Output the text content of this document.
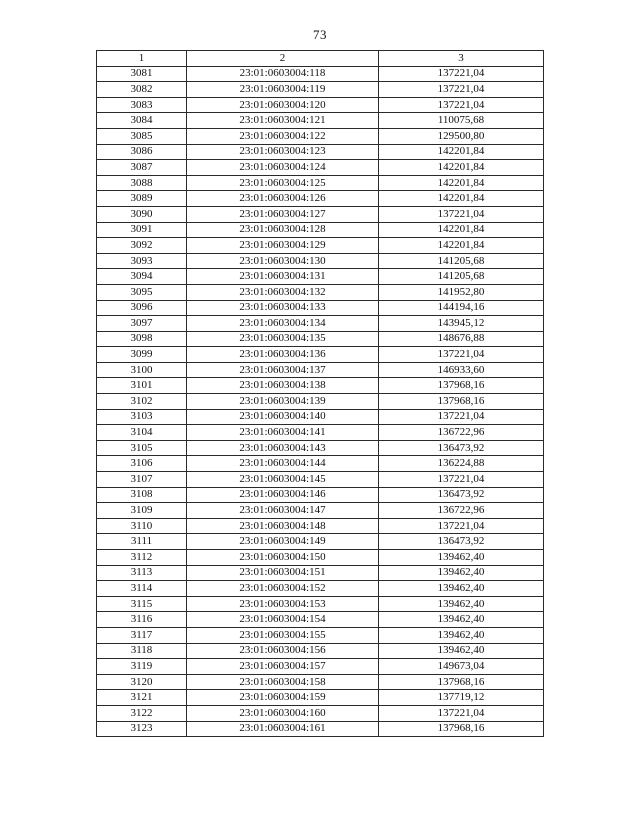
73
1	2	3
3081	23:01:0603004:118	137221,04
3082	23:01:0603004:119	137221,04
3083	23:01:0603004:120	137221,04
3084	23:01:0603004:121	110075,68
3085	23:01:0603004:122	129500,80
3086	23:01:0603004:123	142201,84
3087	23:01:0603004:124	142201,84
3088	23:01:0603004:125	142201,84
3089	23:01:0603004:126	142201,84
3090	23:01:0603004:127	137221,04
3091	23:01:0603004:128	142201,84
3092	23:01:0603004:129	142201,84
3093	23:01:0603004:130	141205,68
3094	23:01:0603004:131	141205,68
3095	23:01:0603004:132	141952,80
3096	23:01:0603004:133	144194,16
3097	23:01:0603004:134	143945,12
3098	23:01:0603004:135	148676,88
3099	23:01:0603004:136	137221,04
3100	23:01:0603004:137	146933,60
3101	23:01:0603004:138	137968,16
3102	23:01:0603004:139	137968,16
3103	23:01:0603004:140	137221,04
3104	23:01:0603004:141	136722,96
3105	23:01:0603004:143	136473,92
3106	23:01:0603004:144	136224,88
3107	23:01:0603004:145	137221,04
3108	23:01:0603004:146	136473,92
3109	23:01:0603004:147	136722,96
3110	23:01:0603004:148	137221,04
3111	23:01:0603004:149	136473,92
3112	23:01:0603004:150	139462,40
3113	23:01:0603004:151	139462,40
3114	23:01:0603004:152	139462,40
3115	23:01:0603004:153	139462,40
3116	23:01:0603004:154	139462,40
3117	23:01:0603004:155	139462,40
3118	23:01:0603004:156	139462,40
3119	23:01:0603004:157	149673,04
3120	23:01:0603004:158	137968,16
3121	23:01:0603004:159	137719,12
3122	23:01:0603004:160	137221,04
3123	23:01:0603004:161	137968,16
